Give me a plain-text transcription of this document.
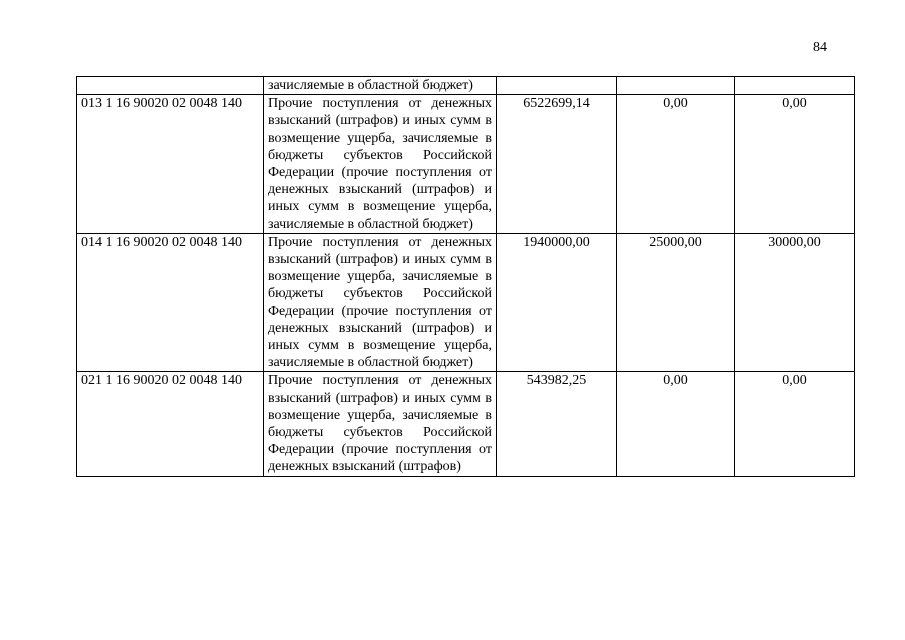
84

	зачисляемые в областной бюджет)			

013 1 16 90020 02 0048 140	Прочие поступления от денежных взысканий (штрафов) и иных сумм в возмещение ущерба, зачисляемые в бюджеты субъектов Российской Федерации (прочие поступления от денежных взысканий (штрафов) и иных сумм в возмещение ущерба, зачисляемые в областной бюджет)	6522699,14	0,00	0,00
014 1 16 90020 02 0048 140	Прочие поступления от денежных взысканий (штрафов) и иных сумм в возмещение ущерба, зачисляемые в бюджеты субъектов Российской Федерации (прочие поступления от денежных взысканий (штрафов) и иных сумм в возмещение ущерба, зачисляемые в областной бюджет)	1940000,00	25000,00	30000,00
021 1 16 90020 02 0048 140	Прочие поступления от денежных взысканий (штрафов) и иных сумм в возмещение ущерба, зачисляемые в бюджеты субъектов Российской Федерации (прочие поступления от денежных взысканий (штрафов)	543982,25	0,00	0,00
